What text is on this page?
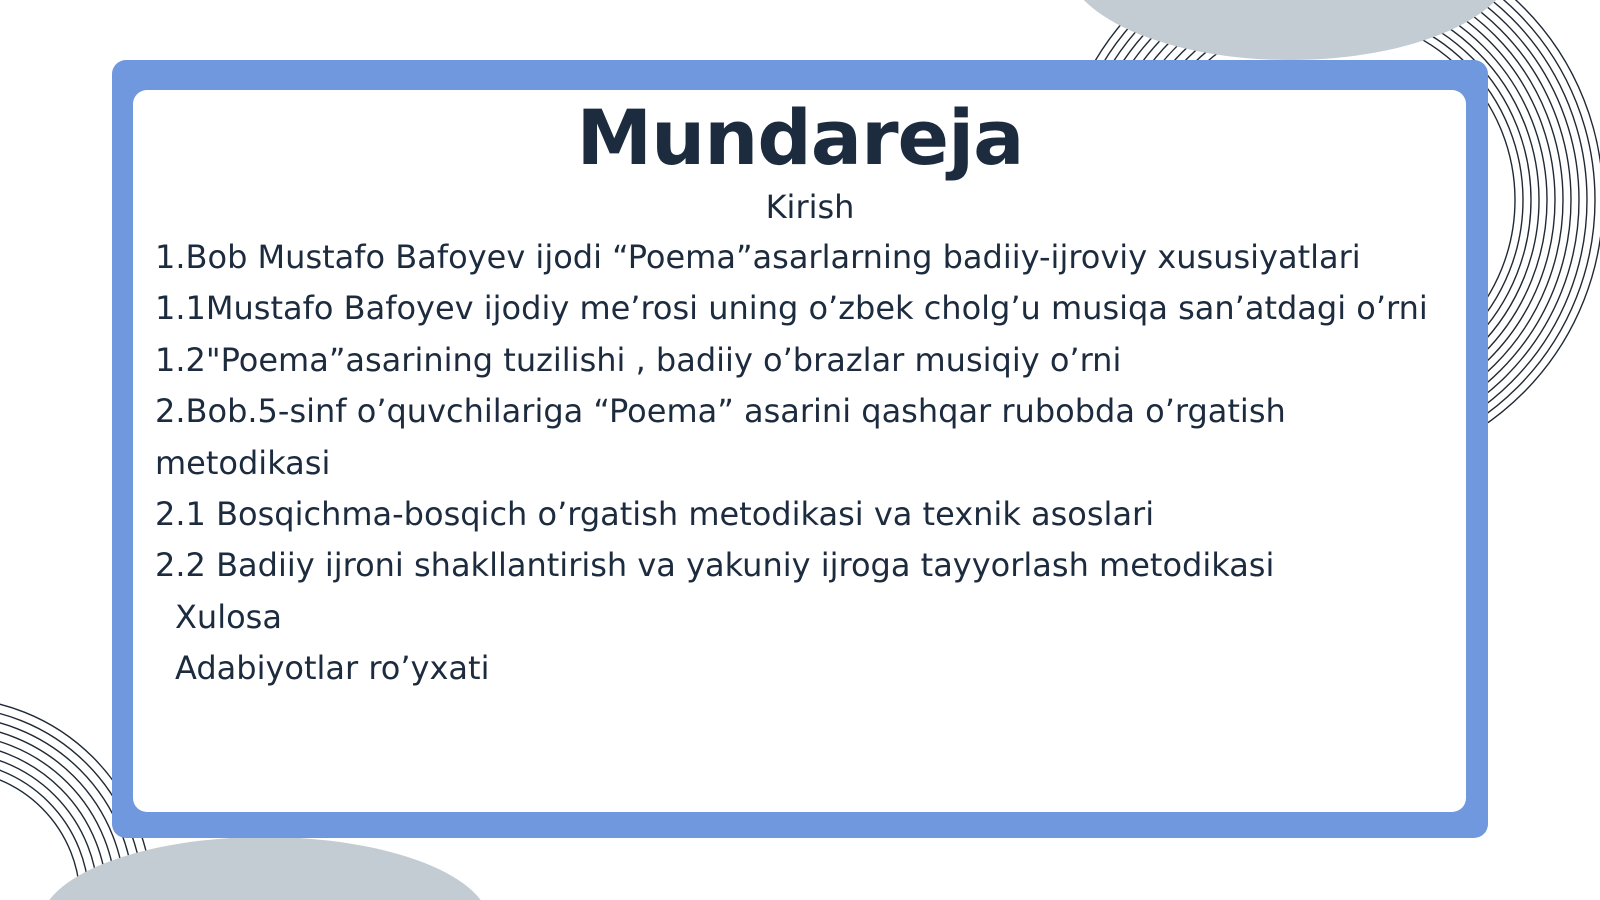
Mundareja
Kirish
1.Bob Mustafo Bafoyev ijodi “Poema”asarlarning badiiy-ijroviy xususiyatlari
1.1Mustafo Bafoyev ijodiy me’rosi uning o’zbek cholg’u musiqa san’atdagi o’rni
1.2"Poema”asarining tuzilishi , badiiy o’brazlar musiqiy o’rni
2.Bob.5-sinf o’quvchilariga “Poema” asarini qashqar rubobda o’rgatish metodikasi
2.1 Bosqichma-bosqich o’rgatish metodikasi va texnik asoslari
2.2 Badiiy ijroni shakllantirish va yakuniy ijroga tayyorlash metodikasi
Xulosa
Adabiyotlar ro’yxati
